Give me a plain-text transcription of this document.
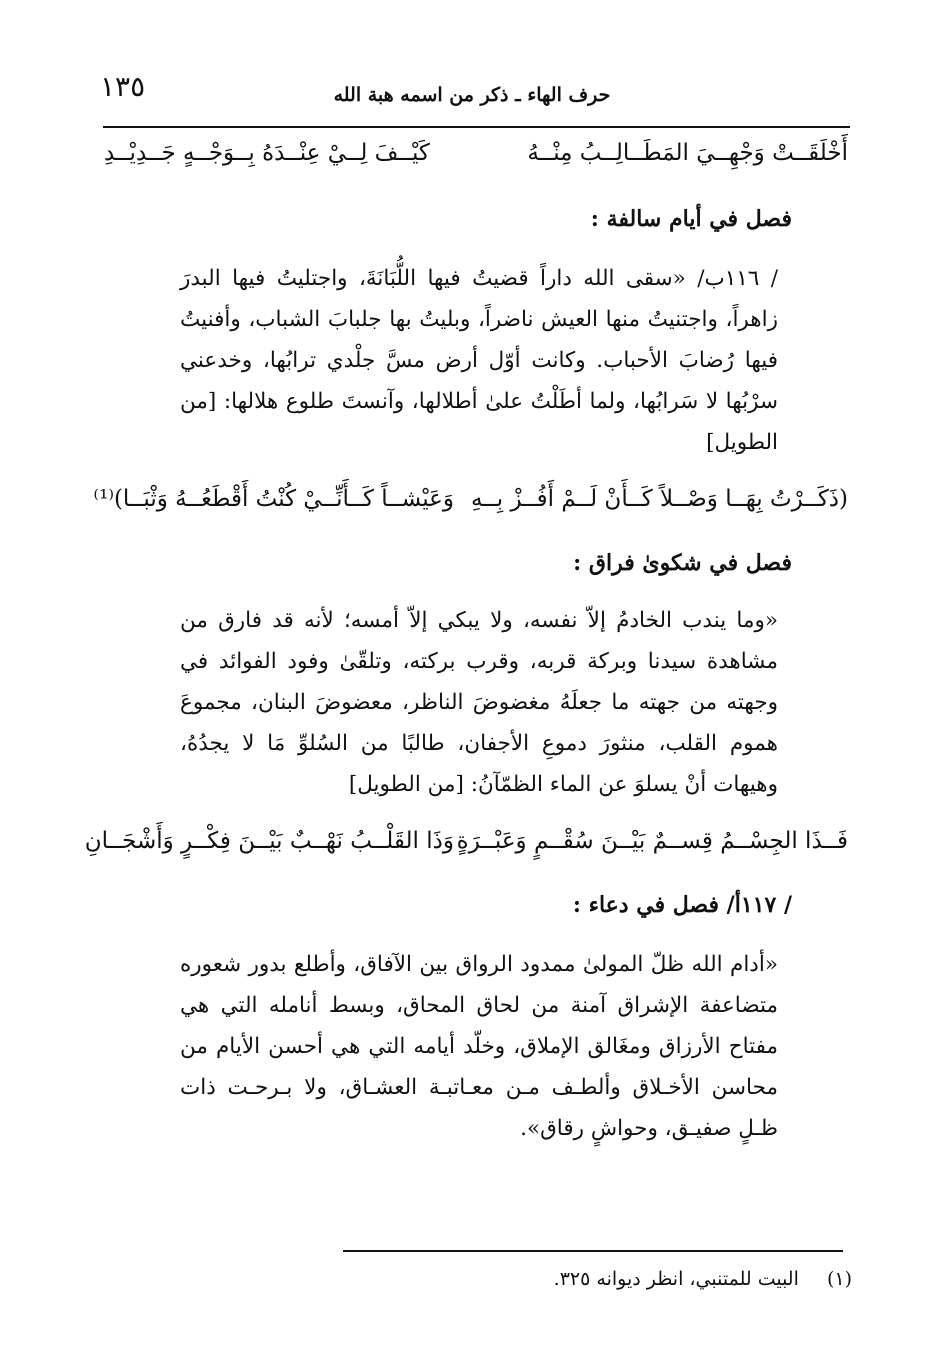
١٣٥	حرف الهاء ـ ذكر من اسمه هبة الله
أَخْلَقَــتْ وَجْهِــيَ المَطَــالِــبُ مِنْــهُ
كَيْــفَ لِــيْ عِنْــدَهُ بِــوَجْــهٍ جَــدِيْــدِ
فصل في أيام سالفة :

/ ١١٦ب/ «سقى الله داراً قضيتُ فيها اللُّبَانَةَ، واجتليتُ فيها البدرَ زاهراً، واجتنيتُ منها العيش ناضراً، وبليتُ بها جلبابَ الشباب، وأفنيتُ فيها رُضابَ الأحباب. وكانت أوّل أرض مسَّ جلْدي ترابُها، وخدعني سرْبُها لا سَرابُها، ولما أطَلْتُ علىٰ أطلالها، وآنستَ طلوع هلالها: [من الطويل]

(ذَكَــرْتُ بِهَــا وَصْــلاً كَــأَنْ لَــمْ أَفُــزْ بِــهِ
وَعَيْشــاً كَــأَنِّــيْ كُنْتُ أَقْطَعُــهُ وَثْبَــا)⁽¹⁾
فصل في شكوىٰ فراق :

«وما يندب الخادمُ إلاّ نفسه، ولا يبكي إلاّ أمسه؛ لأنه قد فارق من مشاهدة سيدنا وبركة قربه، وقرب بركته، وتلقّىٰ وفود الفوائد في وجهته من جهته ما جعلَهُ مغضوضَ الناظر، معضوضَ البنان، مجموعَ هموم القلب، منثورَ دموعِ الأجفان، طالبًا من السُلوِّ مَا لا يجدُهُ، وهيهات أنْ يسلوَ عن الماء الظمّآنُ: [من الطويل]

فَــذَا الجِسْــمُ قِســمٌ بَيْــنَ سُقْــمٍ وَعَبْــرَةٍ
وَذَا القَلْــبُ نَهْــبٌ بَيْــنَ فِكْــرٍ وَأَشْجَــانِ
/ ١١٧أ/ فصل في دعاء :

«أدام الله ظلّ المولىٰ ممدود الرواق بين الآفاق، وأطلع بدور شعوره متضاعفة الإشراق آمنة من لحاق المحاق، وبسط أنامله التي هي مفتاح الأرزاق ومغَالق الإملاق، وخلّد أيامه التي هي أحسن الأيام من محاسن الأخـلاق وألطـف مـن معـاتبـة العشـاق، ولا بـرحـت ذات ظـلٍ صفيـق، وحواشٍ رقاق».

(١) البيت للمتنبي، انظر ديوانه ٣٢٥.
